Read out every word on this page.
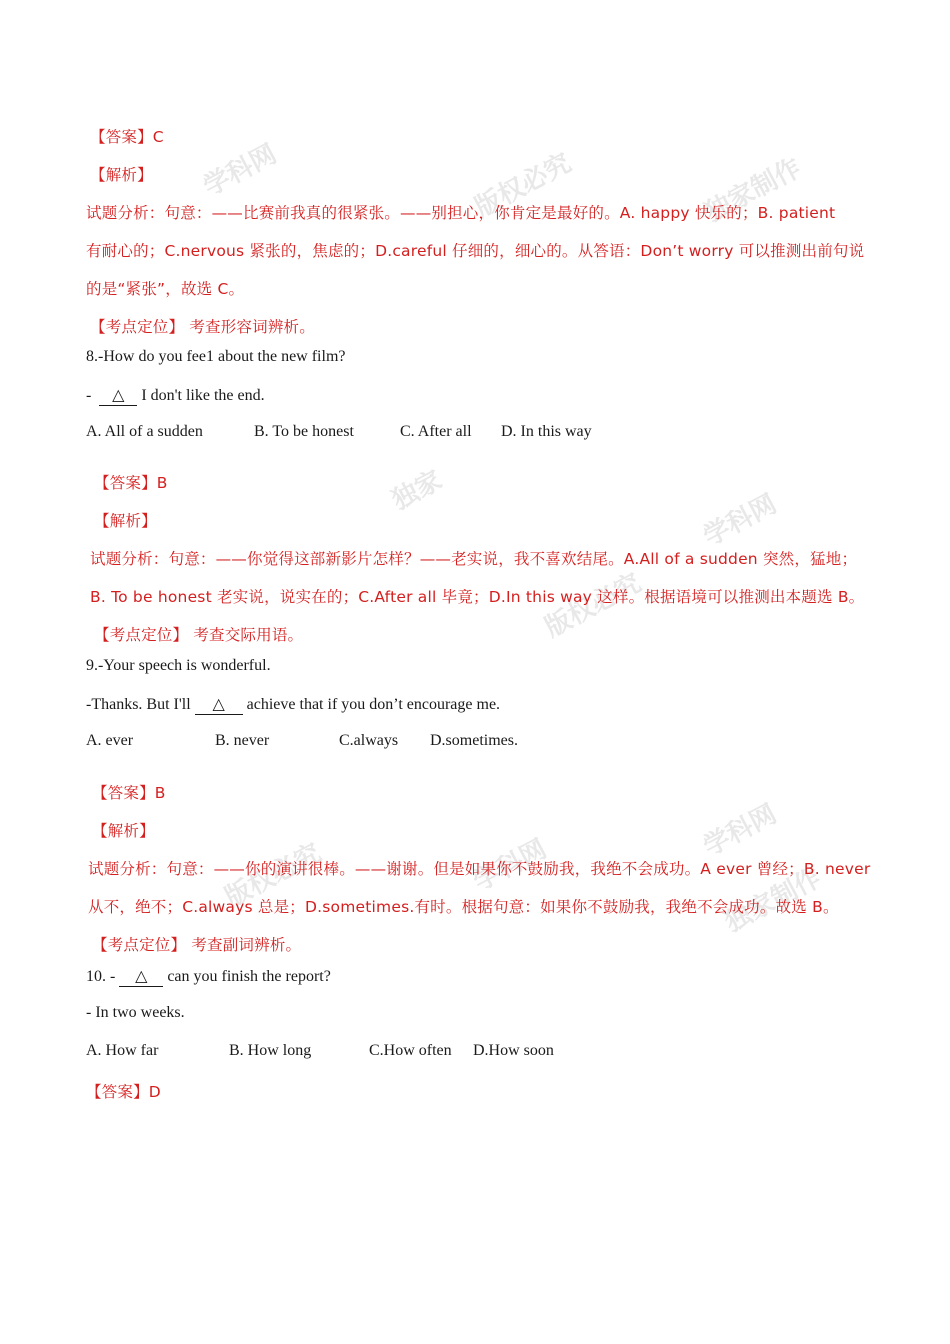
学科网	版权必究	独家制作
学科网
版权必究
独家
学科网
版权必究
学科网
独家制作
【答案】C
【解析】
试题分析：句意：——比赛前我真的很紧张。——别担心，你肯定是最好的。A. happy 快乐的；B. patient
有耐心的；C.nervous 紧张的，焦虑的；D.careful 仔细的，细心的。从答语：Don’t worry 可以推测出前句说
的是“紧张”，故选 C。
【考点定位】 考查形容词辨析。
8.-How do you fee1 about the new film?
- △ I don't like the end.
A. All of a sudden	B. To be honest	C. After all D. In this way
【答案】B
【解析】
试题分析：句意：——你觉得这部新影片怎样？——老实说，我不喜欢结尾。A.All of a sudden 突然，猛地；
B. To be honest 老实说，说实在的；C.After all 毕竟；D.In this way 这样。根据语境可以推测出本题选 B。
【考点定位】 考查交际用语。
9.-Your speech is wonderful.
-Thanks. But I'll △ achieve that if you don’t encourage me.
A. ever	B. never	C.always D.sometimes.
【答案】B
【解析】
试题分析：句意：——你的演讲很棒。——谢谢。但是如果你不鼓励我，我绝不会成功。A ever 曾经；B. never
从不，绝不；C.always 总是；D.sometimes.有时。根据句意：如果你不鼓励我，我绝不会成功。故选 B。
【考点定位】 考查副词辨析。
10. - △ can you finish the report?
- In two weeks.
A. How far	B. How long	C.How often D.How soon
【答案】D
